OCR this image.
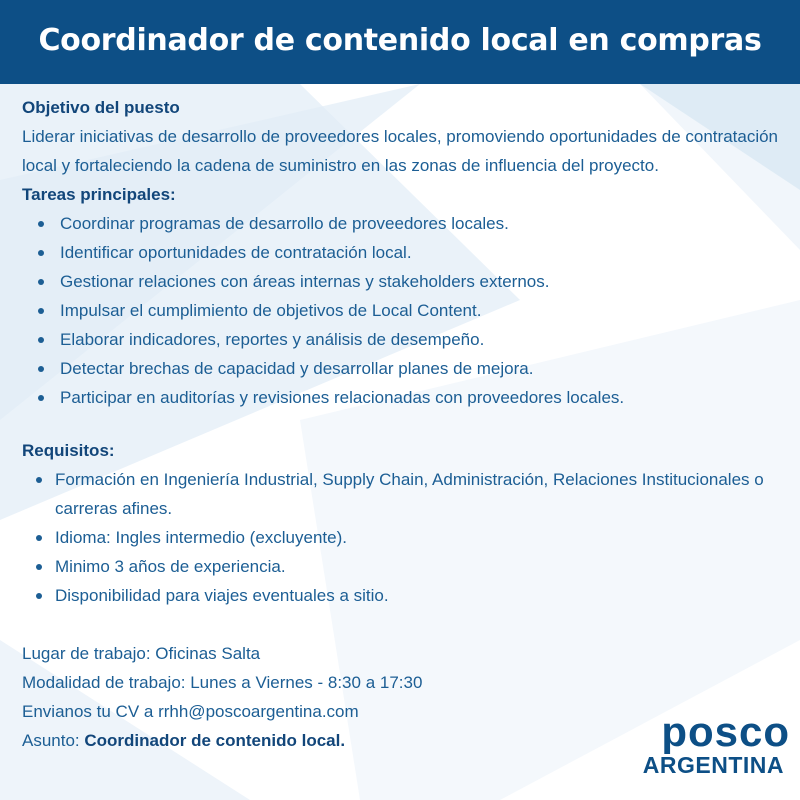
Coordinador de contenido local en compras
Objetivo del puesto

Liderar iniciativas de desarrollo de proveedores locales, promoviendo oportunidades de contratación local y fortaleciendo la cadena de suministro en las zonas de influencia del proyecto.

Tareas principales:
Coordinar programas de desarrollo de proveedores locales.
Identificar oportunidades de contratación local.
Gestionar relaciones con áreas internas y stakeholders externos.
Impulsar el cumplimiento de objetivos de Local Content.
Elaborar indicadores, reportes y análisis de desempeño.
Detectar brechas de capacidad y desarrollar planes de mejora.
Participar en auditorías y revisiones relacionadas con proveedores locales.
Requisitos:
Formación en Ingeniería Industrial, Supply Chain, Administración, Relaciones Institucionales o carreras afines.
Idioma: Ingles intermedio (excluyente).
Minimo 3 años de experiencia.
Disponibilidad para viajes eventuales a sitio.
Lugar de trabajo: Oficinas Salta
Modalidad de trabajo: Lunes a Viernes - 8:30 a 17:30
Envianos tu CV a rrhh@poscoargentina.com
Asunto: Coordinador de contenido local.	posco
ARGENTINA
